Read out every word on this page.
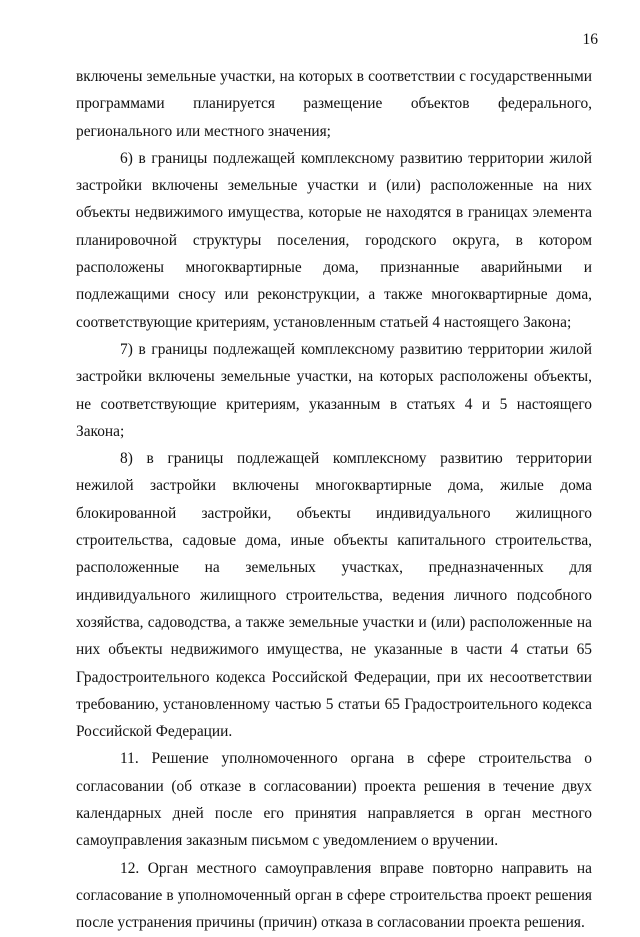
16

включены земельные участки, на которых в соответствии с государственными программами планируется размещение объектов федерального, регионального или местного значения;

6) в границы подлежащей комплексному развитию территории жилой застройки включены земельные участки и (или) расположенные на них объекты недвижимого имущества, которые не находятся в границах элемента планировочной структуры поселения, городского округа, в котором расположены многоквартирные дома, признанные аварийными и подлежащими сносу или реконструкции, а также многоквартирные дома, соответствующие критериям, установленным статьей 4 настоящего Закона;

7) в границы подлежащей комплексному развитию территории жилой застройки включены земельные участки, на которых расположены объекты, не соответствующие критериям, указанным в статьях 4 и 5 настоящего Закона;

8) в границы подлежащей комплексному развитию территории нежилой застройки включены многоквартирные дома, жилые дома блокированной застройки, объекты индивидуального жилищного строительства, садовые дома, иные объекты капитального строительства, расположенные на земельных участках, предназначенных для индивидуального жилищного строительства, ведения личного подсобного хозяйства, садоводства, а также земельные участки и (или) расположенные на них объекты недвижимого имущества, не указанные в части 4 статьи 65 Градостроительного кодекса Российской Федерации, при их несоответствии требованию, установленному частью 5 статьи 65 Градостроительного кодекса Российской Федерации.

11. Решение уполномоченного органа в сфере строительства о согласовании (об отказе в согласовании) проекта решения в течение двух календарных дней после его принятия направляется в орган местного самоуправления заказным письмом с уведомлением о вручении.

12. Орган местного самоуправления вправе повторно направить на согласование в уполномоченный орган в сфере строительства проект решения после устранения причины (причин) отказа в согласовании проекта решения.
